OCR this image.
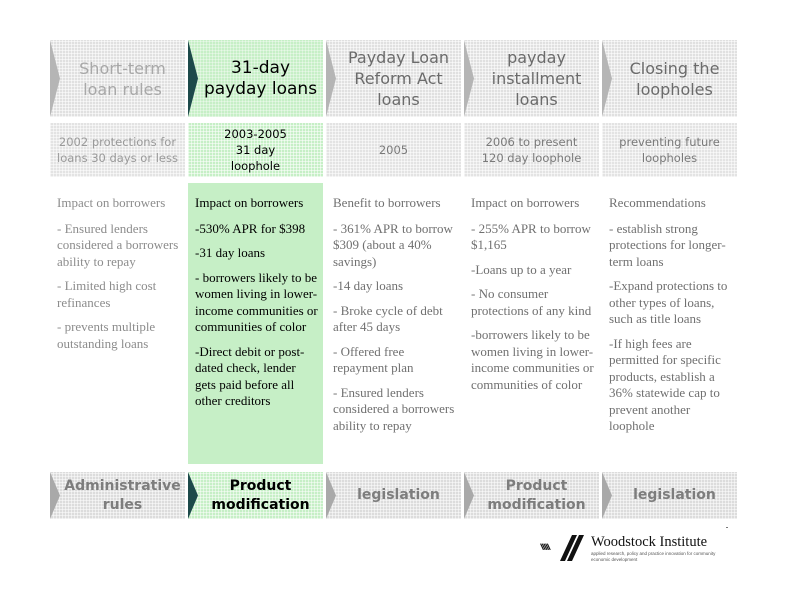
Short-term loan rules
2002 protections for loans 30 days or less

Impact on borrowers

- Ensured lenders considered a borrowers ability to repay

- Limited high cost refinances

- prevents multiple outstanding loans

Administrative rules
31-day payday loans
2003-2005 31 day loophole

Impact on borrowers

-530% APR for $398

-31 day loans

- borrowers likely to be women living in lower-income communities or communities of color

-Direct debit or post-dated check, lender gets paid before all other creditors

Product modification
Payday Loan Reform Act loans
2005

Benefit to borrowers

- 361% APR to borrow $309 (about a 40% savings)

-14 day loans

- Broke cycle of debt after 45 days

- Offered free repayment plan

- Ensured lenders considered a borrowers ability to repay

legislation
payday installment loans
2006 to present 120 day loophole

Impact on borrowers

- 255% APR to borrow $1,165

-Loans up to a year

- No consumer protections of any kind

-borrowers likely to be women living in lower-income communities or communities of color

Product modification
Closing the loopholes
preventing future loopholes

Recommendations

- establish strong protections for longer-term loans

-Expand protections to other types of loans, such as title loans

-If high fees are permitted for specific products, establish a 36% statewide cap to prevent another loophole

legislation
Woodstock Institute
applied research, policy and practice innovation for community economic development
